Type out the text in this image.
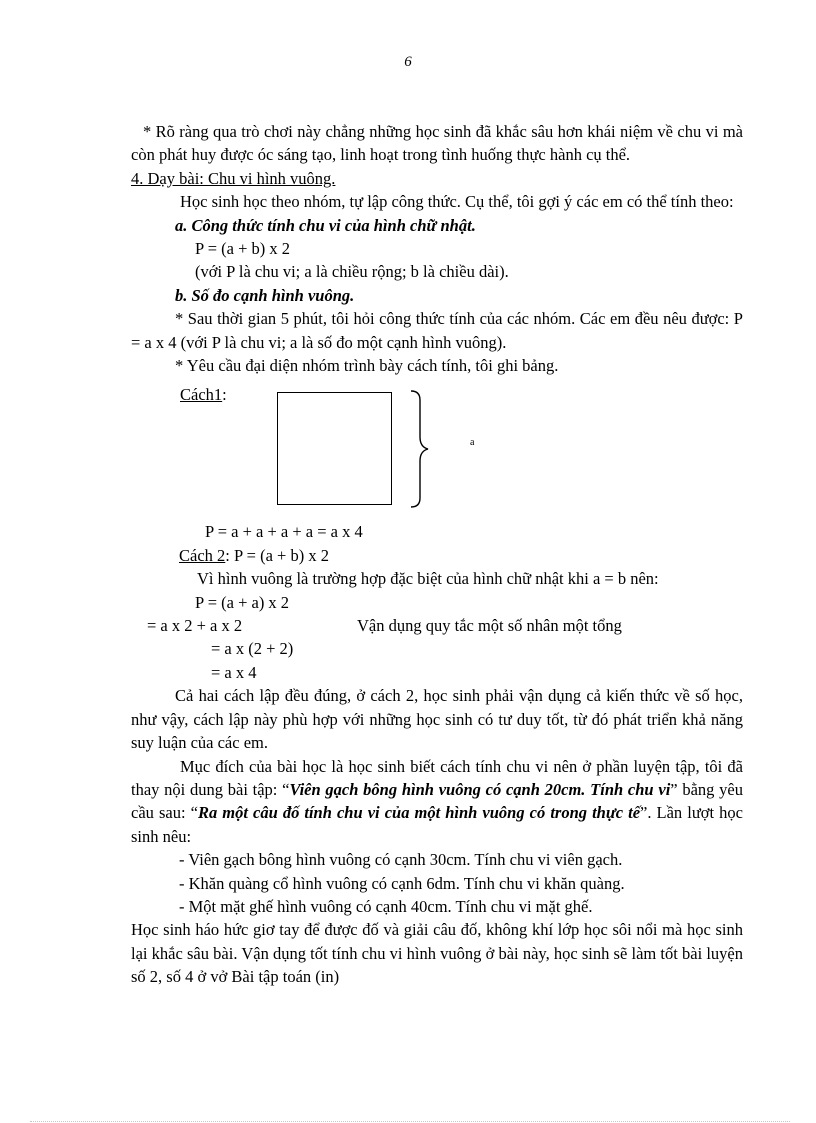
6

* Rõ ràng qua trò chơi này chẳng những học sinh đã khắc sâu hơn khái niệm về chu vi mà còn phát huy được óc sáng tạo, linh hoạt trong tình huống thực hành cụ thể.

4. Dạy bài: Chu vi hình vuông.

Học sinh học theo nhóm, tự lập công thức. Cụ thể, tôi gợi ý các em có thể tính theo:

a. Công thức tính chu vi của hình chữ nhật.

P = (a + b) x 2

(với P là chu vi; a là chiều rộng; b là chiều dài).

b. Số đo cạnh hình vuông.

* Sau thời gian 5 phút, tôi hỏi công thức tính của các nhóm. Các em đều nêu được: P = a x 4 (với P là chu vi; a là số đo một cạnh hình vuông).

* Yêu cầu đại diện nhóm trình bày cách tính, tôi ghi bảng.

Cách1:
a

P = a + a + a + a = a x 4

Cách 2: P = (a + b) x 2

Vì hình vuông là trường hợp đặc biệt của hình chữ nhật khi a = b nên:

P = (a + a) x 2

= a x 2 + a x 2	Vận dụng quy tắc một số nhân một tổng

= a x (2 + 2)

= a x 4

Cả hai cách lập đều đúng, ở cách 2, học sinh phải vận dụng cả kiến thức về số học, như vậy, cách lập này phù hợp với những học sinh có tư duy tốt, từ đó phát triển khả năng suy luận của các em.

Mục đích của bài học là học sinh biết cách tính chu vi nên ở phần luyện tập, tôi đã thay nội dung bài tập: “Viên gạch bông hình vuông có cạnh 20cm. Tính chu vi” bằng yêu cầu sau: “Ra một câu đố tính chu vi của một hình vuông có trong thực tế”. Lần lượt học sinh nêu:

- Viên gạch bông hình vuông có cạnh 30cm. Tính chu vi viên gạch.

- Khăn quàng cổ hình vuông có cạnh 6dm. Tính chu vi khăn quàng.

- Một mặt ghế hình vuông có cạnh 40cm. Tính chu vi mặt ghế.

Học sinh háo hức giơ tay để được đố và giải câu đố, không khí lớp học sôi nổi mà học sinh lại khắc sâu bài. Vận dụng tốt tính chu vi hình vuông ở bài này, học sinh sẽ làm tốt bài luyện số 2, số 4 ở vở Bài tập toán (in)
